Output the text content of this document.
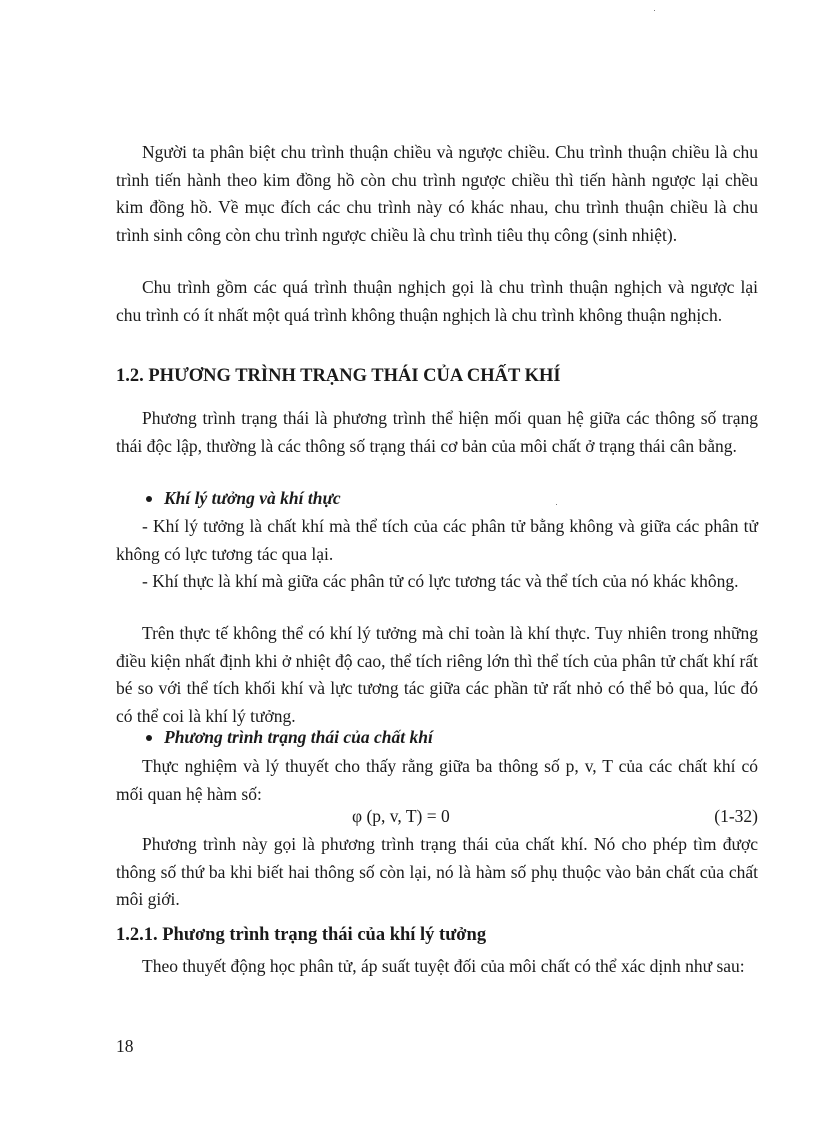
Người ta phân biệt chu trình thuận chiều và ngược chiều. Chu trình thuận chiều là chu trình tiến hành theo kim đồng hồ còn chu trình ngược chiều thì tiến hành ngược lại chều kim đồng hồ. Về mục đích các chu trình này có khác nhau, chu trình thuận chiều là chu trình sinh công còn chu trình ngược chiều là chu trình tiêu thụ công (sinh nhiệt).

Chu trình gồm các quá trình thuận nghịch gọi là chu trình thuận nghịch và ngược lại chu trình có ít nhất một quá trình không thuận nghịch là chu trình không thuận nghịch.

1.2. PHƯƠNG TRÌNH TRẠNG THÁI CỦA CHẤT KHÍ

Phương trình trạng thái là phương trình thể hiện mối quan hệ giữa các thông số trạng thái độc lập, thường là các thông số trạng thái cơ bản của môi chất ở trạng thái cân bằng.

Khí lý tưởng và khí thực

- Khí lý tưởng là chất khí mà thể tích của các phân tử bằng không và giữa các phân tử không có lực tương tác qua lại.

- Khí thực là khí mà giữa các phân tử có lực tương tác và thể tích của nó khác không.

Trên thực tế không thể có khí lý tưởng mà chỉ toàn là khí thực. Tuy nhiên trong những điều kiện nhất định khi ở nhiệt độ cao, thể tích riêng lớn thì thể tích của phân tử chất khí rất bé so với thể tích khối khí và lực tương tác giữa các phần tử rất nhỏ có thể bỏ qua, lúc đó có thể coi là khí lý tưởng.

Phương trình trạng thái của chất khí

Thực nghiệm và lý thuyết cho thấy rằng giữa ba thông số p, v, T của các chất khí có mối quan hệ hàm số:

φ (p, v, T) = 0	(1-32)

Phương trình này gọi là phương trình trạng thái của chất khí. Nó cho phép tìm được thông số thứ ba khi biết hai thông số còn lại, nó là hàm số phụ thuộc vào bản chất của chất môi giới.

1.2.1. Phương trình trạng thái của khí lý tưởng

Theo thuyết động học phân tử, áp suất tuyệt đối của môi chất có thể xác dịnh như sau:

18
